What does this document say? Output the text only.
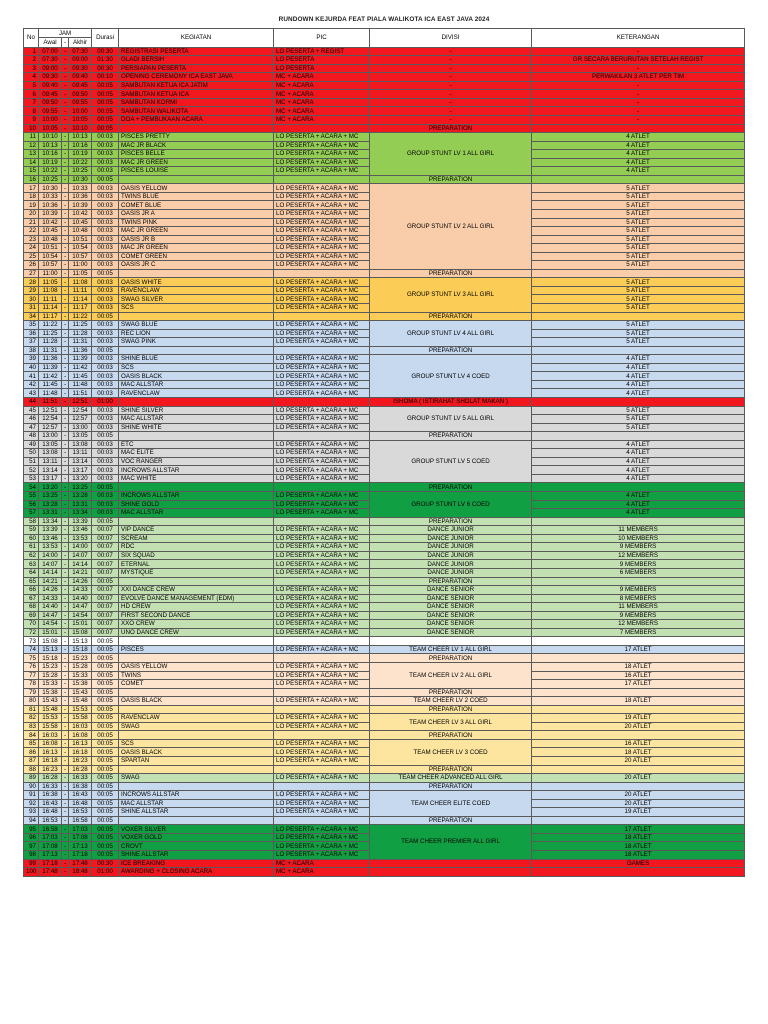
RUNDOWN KEJURDA FEAT PIALA WALIKOTA ICA EAST JAVA 2024
No	JAM			Durasi	KEGIATAN	PIC	DIVISI	KETERANGAN
	Awal	-	Akhir					
1	07:00	-	07:30	00:30	REGISTRASI PESERTA	LO PESERTA + REGIST	-	-
2	07:30	-	09:00	01:30	GLADI BERSIH	LO PESERTA	-	GR SECARA BERURUTAN SETELAH REGIST
3	09:00	-	09:30	00:30	PERSIAPAN PESERTA	LO PESERTA	-	-
4	09:30	-	09:40	00:10	OPENING CEREMONY ICA EAST JAVA	MC + ACARA	-	PERWAKILAN 3 ATLET PER TIM
5	09:40	-	09:45	00:05	SAMBUTAN KETUA ICA JATIM	MC + ACARA	-	-
6	09:45	-	09:50	00:05	SAMBUTAN KETUA ICA	MC + ACARA	-	-
7	09:50	-	09:55	00:05	SAMBUTAN KORMI	MC + ACARA	-	-
8	09:55	-	10:00	00:05	SAMBUTAN WALIKOTA	MC + ACARA	-	-
9	10:00	-	10:05	00:05	DOA + PEMBUKAAN ACARA	MC + ACARA	-	-
10	10:05	-	10:10	00:05			PREPARATION	
11	10:10	-	10:13	00:03	PISCES PRETTY	LO PESERTA + ACARA + MC	GROUP STUNT LV 1 ALL GIRL	4 ATLET
12	10:13	-	10:16	00:03	MAC JR BLACK	LO PESERTA + ACARA + MC		4 ATLET
13	10:16	-	10:19	00:03	PISCES BELLE	LO PESERTA + ACARA + MC		4 ATLET
14	10:19	-	10:22	00:03	MAC JR GREEN	LO PESERTA + ACARA + MC		4 ATLET
15	10:22	-	10:25	00:03	PISCES LOUISE	LO PESERTA + ACARA + MC		4 ATLET
16	10:25	-	10:30	00:05			PREPARATION	
17	10:30	-	10:33	00:03	OASIS YELLOW	LO PESERTA + ACARA + MC	GROUP STUNT LV 2 ALL GIRL	5 ATLET
18	10:33	-	10:36	00:03	TWINS BLUE	LO PESERTA + ACARA + MC		5 ATLET
19	10:36	-	10:39	00:03	COMET BLUE	LO PESERTA + ACARA + MC		5 ATLET
20	10:39	-	10:42	00:03	OASIS JR A	LO PESERTA + ACARA + MC		5 ATLET
21	10:42	-	10:45	00:03	TWINS PINK	LO PESERTA + ACARA + MC		5 ATLET
22	10:45	-	10:48	00:03	MAC JR GREEN	LO PESERTA + ACARA + MC		5 ATLET
23	10:48	-	10:51	00:03	OASIS JR B	LO PESERTA + ACARA + MC		5 ATLET
24	10:51	-	10:54	00:03	MAC JR GREEN	LO PESERTA + ACARA + MC		5 ATLET
25	10:54	-	10:57	00:03	COMET GREEN	LO PESERTA + ACARA + MC		5 ATLET
26	10:57	-	11:00	00:03	OASIS JR C	LO PESERTA + ACARA + MC		5 ATLET
27	11:00	-	11:05	00:05			PREPARATION	
28	11:05	-	11:08	00:03	OASIS WHITE	LO PESERTA + ACARA + MC	GROUP STUNT LV 3 ALL GIRL	5 ATLET
29	11:08	-	11:11	00:03	RAVENCLAW	LO PESERTA + ACARA + MC		5 ATLET
30	11:11	-	11:14	00:03	SWAG SILVER	LO PESERTA + ACARA + MC		5 ATLET
31	11:14	-	11:17	00:03	SCS	LO PESERTA + ACARA + MC		5 ATLET
34	11:17	-	11:22	00:05			PREPARATION	
35	11:22	-	11:25	00:03	SWAG BLUE	LO PESERTA + ACARA + MC	GROUP STUNT LV 4 ALL GIRL	5 ATLET
36	11:25	-	11:28	00:03	REC LION	LO PESERTA + ACARA + MC		5 ATLET
37	11:28	-	11:31	00:03	SWAG PINK	LO PESERTA + ACARA + MC		5 ATLET
38	11:31	-	11:36	00:05			PREPARATION	
39	11:36	-	11:39	00:03	SHINE BLUE	LO PESERTA + ACARA + MC	GROUP STUNT LV 4 COED	4 ATLET
40	11:39	-	11:42	00:03	SCS	LO PESERTA + ACARA + MC		4 ATLET
41	11:42	-	11:45	00:03	OASIS BLACK	LO PESERTA + ACARA + MC		4 ATLET
42	11:45	-	11:48	00:03	MAC ALLSTAR	LO PESERTA + ACARA + MC		4 ATLET
43	11:48	-	11:51	00:03	RAVENCLAW	LO PESERTA + ACARA + MC		4 ATLET
44	11:51	-	12:51	01:00			ISHOMA ( ISTIRAHAT SHOLAT MAKAN )	
45	12:51	-	12:54	00:03	SHINE SILVER	LO PESERTA + ACARA + MC	GROUP STUNT LV 5 ALL GIRL	5 ATLET
46	12:54	-	12:57	00:03	MAC ALLSTAR	LO PESERTA + ACARA + MC		5 ATLET
47	12:57	-	13:00	00:03	SHINE WHITE	LO PESERTA + ACARA + MC		5 ATLET
48	13:00	-	13:05	00:05			PREPARATION	
49	13:05	-	13:08	00:03	ETC	LO PESERTA + ACARA + MC	GROUP STUNT LV 5 COED	4 ATLET
50	13:08	-	13:11	00:03	MAC ELITE	LO PESERTA + ACARA + MC		4 ATLET
51	13:11	-	13:14	00:03	VOC RANGER	LO PESERTA + ACARA + MC		4 ATLET
52	13:14	-	13:17	00:03	INCROWS ALLSTAR	LO PESERTA + ACARA + MC		4 ATLET
53	13:17	-	13:20	00:03	MAC WHITE	LO PESERTA + ACARA + MC		4 ATLET
54	13:20	-	13:25	00:05			PREPARATION	
55	13:25	-	13:28	00:03	INCROWS ALLSTAR	LO PESERTA + ACARA + MC	GROUP STUNT LV 6 COED	4 ATLET
56	13:28	-	13:31	00:03	SHINE GOLD	LO PESERTA + ACARA + MC		4 ATLET
57	13:31	-	13:34	00:03	MAC ALLSTAR	LO PESERTA + ACARA + MC		4 ATLET
58	13:34	-	13:39	00:05			PREPARATION	
59	13:39	-	13:46	00:07	VIP DANCE	LO PESERTA + ACARA + MC	DANCE JUNIOR	11 MEMBERS
60	13:46	-	13:53	00:07	SCREAM	LO PESERTA + ACARA + MC	DANCE JUNIOR	10 MEMBERS
61	13:53	-	14:00	00:07	RDC	LO PESERTA + ACARA + MC	DANCE JUNIOR	9 MEMBERS
62	14:00	-	14:07	00:07	SIX SQUAD	LO PESERTA + ACARA + MC	DANCE JUNIOR	12 MEMBERS
63	14:07	-	14:14	00:07	ETERNAL	LO PESERTA + ACARA + MC	DANCE JUNIOR	9 MEMBERS
64	14:14	-	14:21	00:07	MYSTIQUE	LO PESERTA + ACARA + MC	DANCE JUNIOR	6 MEMBERS
65	14:21	-	14:26	00:05			PREPARATION	
66	14:26	-	14:33	00:07	XXI DANCE CREW	LO PESERTA + ACARA + MC	DANCE SENIOR	9 MEMBERS
67	14:33	-	14:40	00:07	EVOLVE DANCE MANAGEMENT (EDM)	LO PESERTA + ACARA + MC	DANCE SENIOR	8 MEMBERS
68	14:40	-	14:47	00:07	HD CREW	LO PESERTA + ACARA + MC	DANCE SENIOR	11 MEMBERS
69	14:47	-	14:54	00:07	FIRST SECOND DANCE	LO PESERTA + ACARA + MC	DANCE SENIOR	9 MEMBERS
70	14:54	-	15:01	00:07	XXO CREW	LO PESERTA + ACARA + MC	DANCE SENIOR	12 MEMBERS
72	15:01	-	15:08	00:07	UNO DANCE CREW	LO PESERTA + ACARA + MC	DANCE SENIOR	7 MEMBERS
73	15:08	-	15:13	00:05				
74	15:13	-	15:18	00:05	PISCES	LO PESERTA + ACARA + MC	TEAM CHEER LV 1 ALL GIRL	17 ATLET
75	15:18	-	15:23	00:05			PREPARATION	
76	15:23	-	15:28	00:05	OASIS YELLOW	LO PESERTA + ACARA + MC	TEAM CHEER LV 2 ALL GIRL	18 ATLET
77	15:28	-	15:33	00:05	TWINS	LO PESERTA + ACARA + MC		16 ATLET
78	15:33	-	15:38	00:05	COMET	LO PESERTA + ACARA + MC		17 ATLET
79	15:38	-	15:43	00:05			PREPARATION	
80	15:43	-	15:48	00:05	OASIS BLACK	LO PESERTA + ACARA + MC	TEAM CHEER LV 2 COED	18 ATLET
81	15:48	-	15:53	00:05			PREPARATION	
82	15:53	-	15:58	00:05	RAVENCLAW	LO PESERTA + ACARA + MC	TEAM CHEER LV 3 ALL GIRL	19 ATLET
83	15:58	-	16:03	00:05	SWAG	LO PESERTA + ACARA + MC		20 ATLET
84	16:03	-	16:08	00:05			PREPARATION	
85	16:08	-	16:13	00:05	SCS	LO PESERTA + ACARA + MC	TEAM CHEER LV 3 COED	16 ATLET
86	16:13	-	16:18	00:05	OASIS BLACK	LO PESERTA + ACARA + MC		18 ATLET
87	16:18	-	16:23	00:05	SPARTAN	LO PESERTA + ACARA + MC		20 ATLET
88	16:23	-	16:28	00:05			PREPARATION	
89	16:28	-	16:33	00:05	SWAG	LO PESERTA + ACARA + MC	TEAM CHEER ADVANCED ALL GIRL	20 ATLET
90	16:33	-	16:38	00:05			PREPARATION	
91	16:38	-	16:43	00:05	INCROWS ALLSTAR	LO PESERTA + ACARA + MC	TEAM CHEER ELITE COED	20 ATLET
92	16:43	-	16:48	00:05	MAC ALLSTAR	LO PESERTA + ACARA + MC		20 ATLET
93	16:48	-	16:53	00:05	SHINE ALLSTAR	LO PESERTA + ACARA + MC		19 ATLET
94	16:53	-	16:58	00:05			PREPARATION	
95	16:58	-	17:03	00:05	VOXER SILVER	LO PESERTA + ACARA + MC	TEAM CHEER PREMIER ALL GIRL	17 ATLET
96	17:03	-	17:08	00:05	VOXER GOLD	LO PESERTA + ACARA + MC		18 ATLET
97	17:08	-	17:13	00:05	CROVT	LO PESERTA + ACARA + MC		18 ATLET
98	17:13	-	17:18	00:05	SHINE ALLSTAR	LO PESERTA + ACARA + MC		18 ATLET
99	17:18	-	17:48	00:30	ICE BREAKING	MC + ACARA		GAMES
100	17:48	-	18:48	01:00	AWARDING + CLOSING ACARA	MC + ACARA		
